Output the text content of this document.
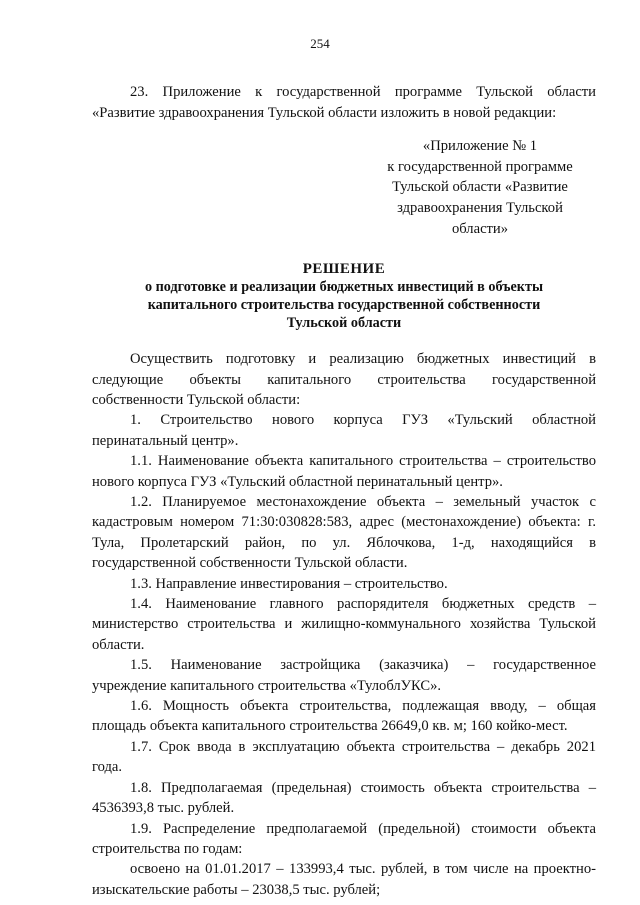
254

23. Приложение к государственной программе Тульской области «Развитие здравоохранения Тульской области изложить в новой редакции:

«Приложение № 1
к государственной программе
Тульской области «Развитие
здравоохранения Тульской области»
РЕШЕНИЕ
о подготовке и реализации бюджетных инвестиций в объекты
капитального строительства государственной собственности
Тульской области

Осуществить подготовку и реализацию бюджетных инвестиций в следующие объекты капитального строительства государственной собственности Тульской области:

1. Строительство нового корпуса ГУЗ «Тульский областной перинатальный центр».

1.1. Наименование объекта капитального строительства – строительство нового корпуса ГУЗ «Тульский областной перинатальный центр».

1.2. Планируемое местонахождение объекта – земельный участок с кадастровым номером 71:30:030828:583, адрес (местонахождение) объекта: г. Тула, Пролетарский район, по ул. Яблочкова, 1-д, находящийся в государственной собственности Тульской области.

1.3. Направление инвестирования – строительство.

1.4. Наименование главного распорядителя бюджетных средств – министерство строительства и жилищно-коммунального хозяйства Тульской области.

1.5. Наименование застройщика (заказчика) – государственное учреждение капитального строительства «ТулоблУКС».

1.6. Мощность объекта строительства, подлежащая вводу, – общая площадь объекта капитального строительства 26649,0 кв. м; 160 койко-мест.

1.7. Срок ввода в эксплуатацию объекта строительства – декабрь 2021 года.

1.8. Предполагаемая (предельная) стоимость объекта строительства – 4536393,8 тыс. рублей.

1.9. Распределение предполагаемой (предельной) стоимости объекта строительства по годам:

освоено на 01.01.2017 – 133993,4 тыс. рублей, в том числе на проектно-изыскательские работы – 23038,5 тыс. рублей;
